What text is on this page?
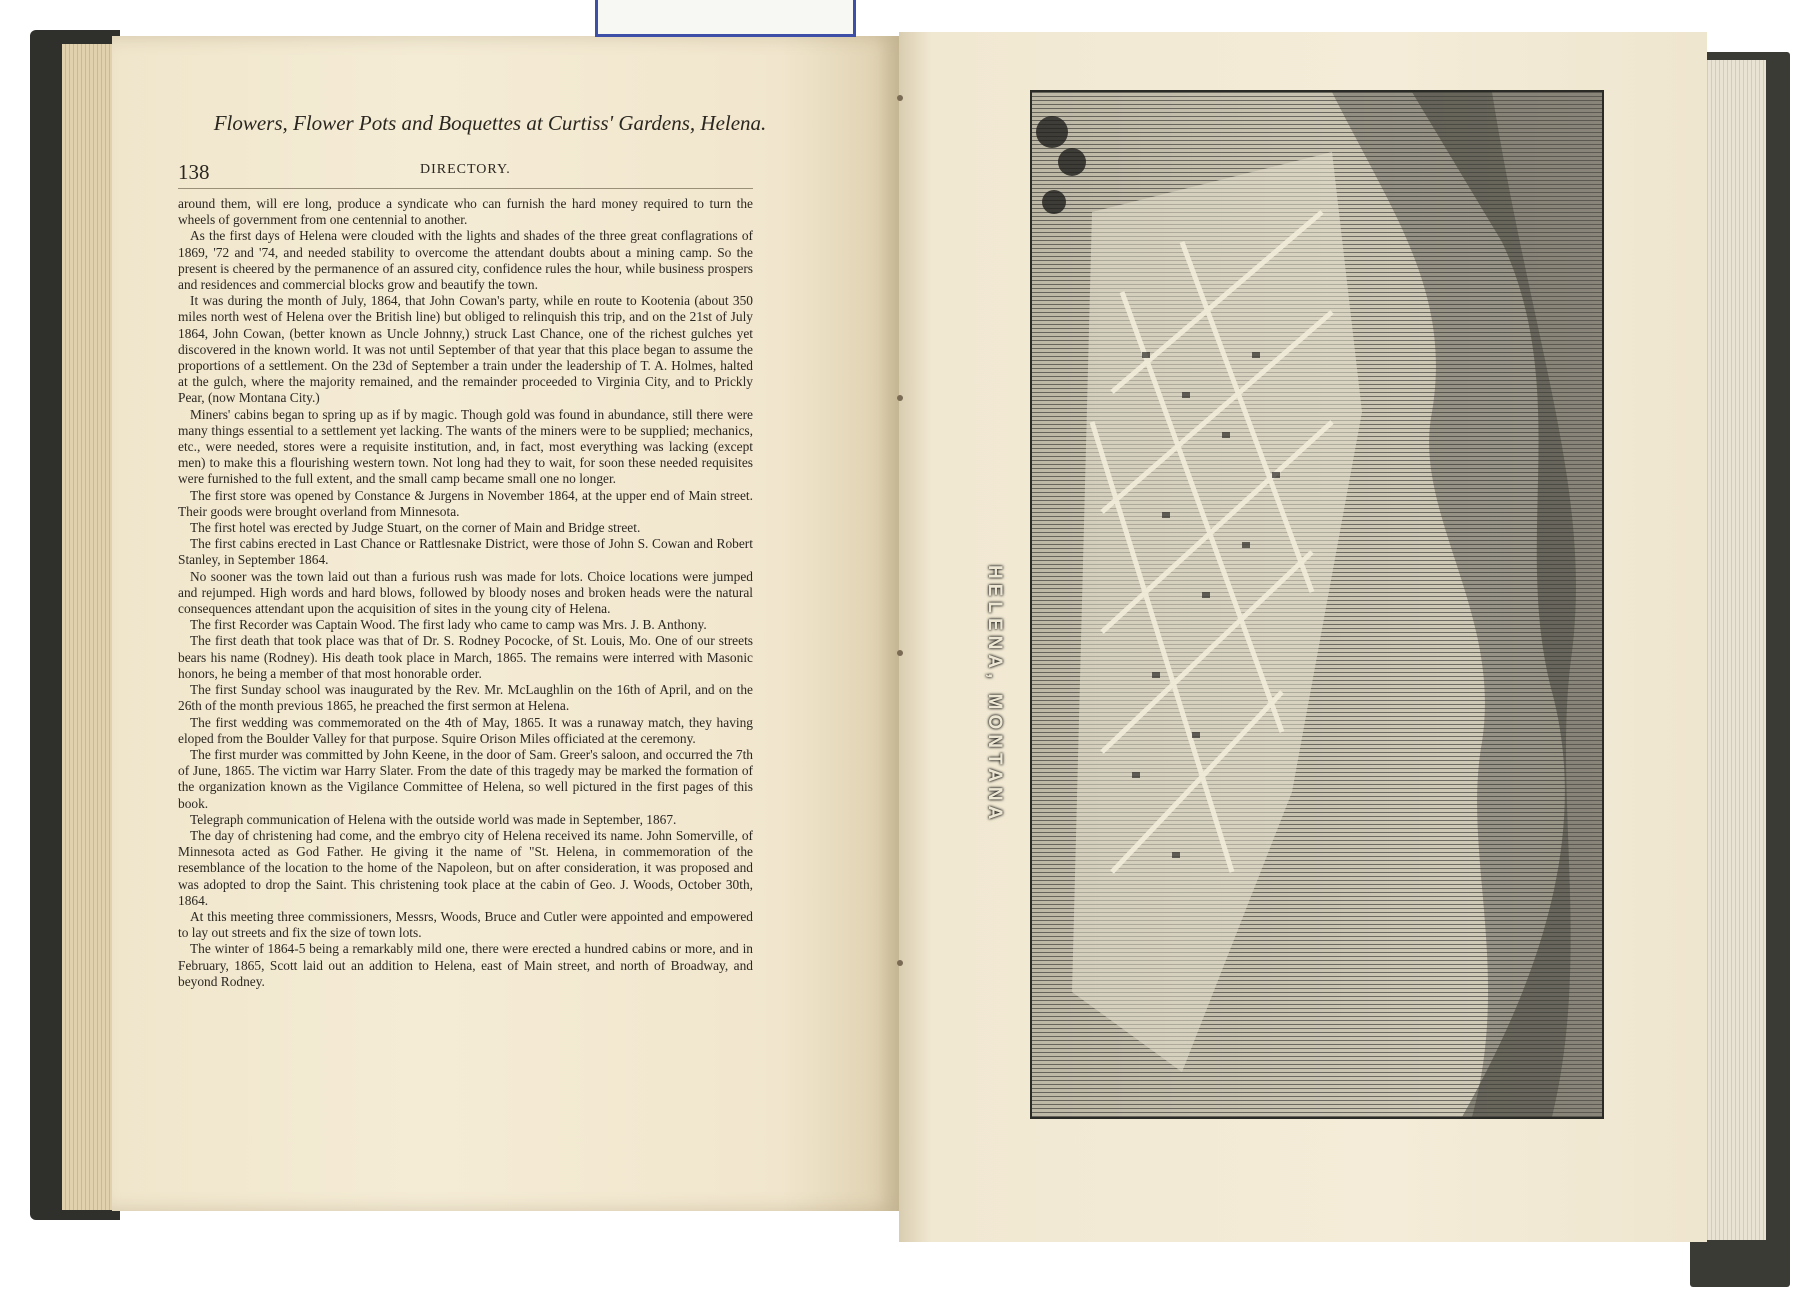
Flowers, Flower Pots and Boquettes at Curtiss' Gardens, Helena.
138	DIRECTORY.

around them, will ere long, produce a syndicate who can furnish the hard money required to turn the wheels of government from one centennial to another.

As the first days of Helena were clouded with the lights and shades of the three great conflagrations of 1869, '72 and '74, and needed stability to overcome the attendant doubts about a mining camp. So the present is cheered by the permanence of an assured city, confidence rules the hour, while business prospers and residences and commercial blocks grow and beautify the town.

It was during the month of July, 1864, that John Cowan's party, while en route to Kootenia (about 350 miles north west of Helena over the British line) but obliged to relinquish this trip, and on the 21st of July 1864, John Cowan, (better known as Uncle Johnny,) struck Last Chance, one of the richest gulches yet discovered in the known world. It was not until September of that year that this place began to assume the proportions of a settlement. On the 23d of September a train under the leadership of T. A. Holmes, halted at the gulch, where the majority remained, and the remainder proceeded to Virginia City, and to Prickly Pear, (now Montana City.)

Miners' cabins began to spring up as if by magic. Though gold was found in abundance, still there were many things essential to a settlement yet lacking. The wants of the miners were to be supplied; mechanics, etc., were needed, stores were a requisite institution, and, in fact, most everything was lacking (except men) to make this a flourishing western town. Not long had they to wait, for soon these needed requisites were furnished to the full extent, and the small camp became small one no longer.

The first store was opened by Constance & Jurgens in November 1864, at the upper end of Main street. Their goods were brought overland from Minnesota.

The first hotel was erected by Judge Stuart, on the corner of Main and Bridge street.

The first cabins erected in Last Chance or Rattlesnake District, were those of John S. Cowan and Robert Stanley, in September 1864.

No sooner was the town laid out than a furious rush was made for lots. Choice locations were jumped and rejumped. High words and hard blows, followed by bloody noses and broken heads were the natural consequences attendant upon the acquisition of sites in the young city of Helena.

The first Recorder was Captain Wood. The first lady who came to camp was Mrs. J. B. Anthony.

The first death that took place was that of Dr. S. Rodney Pococke, of St. Louis, Mo. One of our streets bears his name (Rodney). His death took place in March, 1865. The remains were interred with Masonic honors, he being a member of that most honorable order.

The first Sunday school was inaugurated by the Rev. Mr. McLaughlin on the 16th of April, and on the 26th of the month previous 1865, he preached the first sermon at Helena.

The first wedding was commemorated on the 4th of May, 1865. It was a runaway match, they having eloped from the Boulder Valley for that purpose. Squire Orison Miles officiated at the ceremony.

The first murder was committed by John Keene, in the door of Sam. Greer's saloon, and occurred the 7th of June, 1865. The victim war Harry Slater. From the date of this tragedy may be marked the formation of the organization known as the Vigilance Committee of Helena, so well pictured in the first pages of this book.

Telegraph communication of Helena with the outside world was made in September, 1867.

The day of christening had come, and the embryo city of Helena received its name. John Somerville, of Minnesota acted as God Father. He giving it the name of "St. Helena, in commemoration of the resemblance of the location to the home of the Napoleon, but on after consideration, it was proposed and was adopted to drop the Saint. This christening took place at the cabin of Geo. J. Woods, October 30th, 1864.

At this meeting three commissioners, Messrs, Woods, Bruce and Cutler were appointed and empowered to lay out streets and fix the size of town lots.

The winter of 1864-5 being a remarkably mild one, there were erected a hundred cabins or more, and in February, 1865, Scott laid out an addition to Helena, east of Main street, and north of Broadway, and beyond Rodney.

HELENA, MONTANA
